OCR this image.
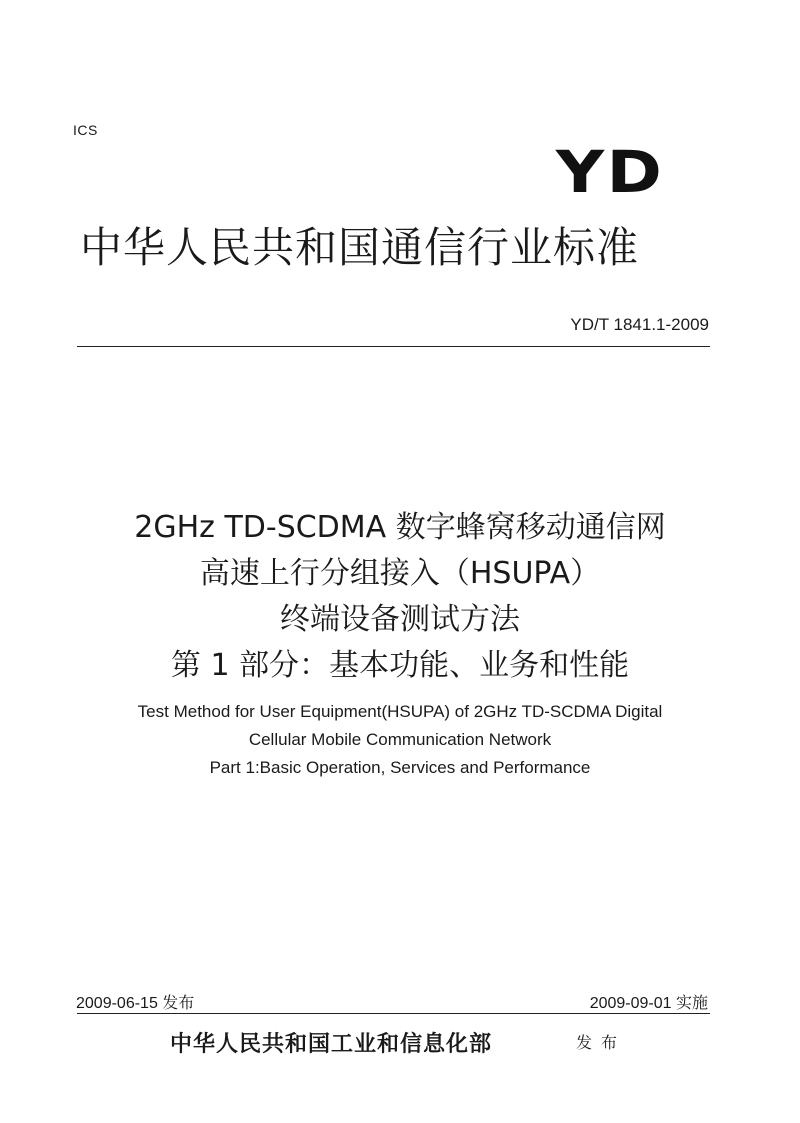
ICS
YD
中华人民共和国通信行业标准
YD/T 1841.1-2009
2GHz TD-SCDMA 数字蜂窝移动通信网
高速上行分组接入（HSUPA）
终端设备测试方法
第 1 部分：基本功能、业务和性能
Test Method for User Equipment(HSUPA) of 2GHz TD-SCDMA Digital
Cellular Mobile Communication Network
Part 1:Basic Operation, Services and Performance
2009-06-15 发布	2009-09-01 实施
中华人民共和国工业和信息化部	发布
